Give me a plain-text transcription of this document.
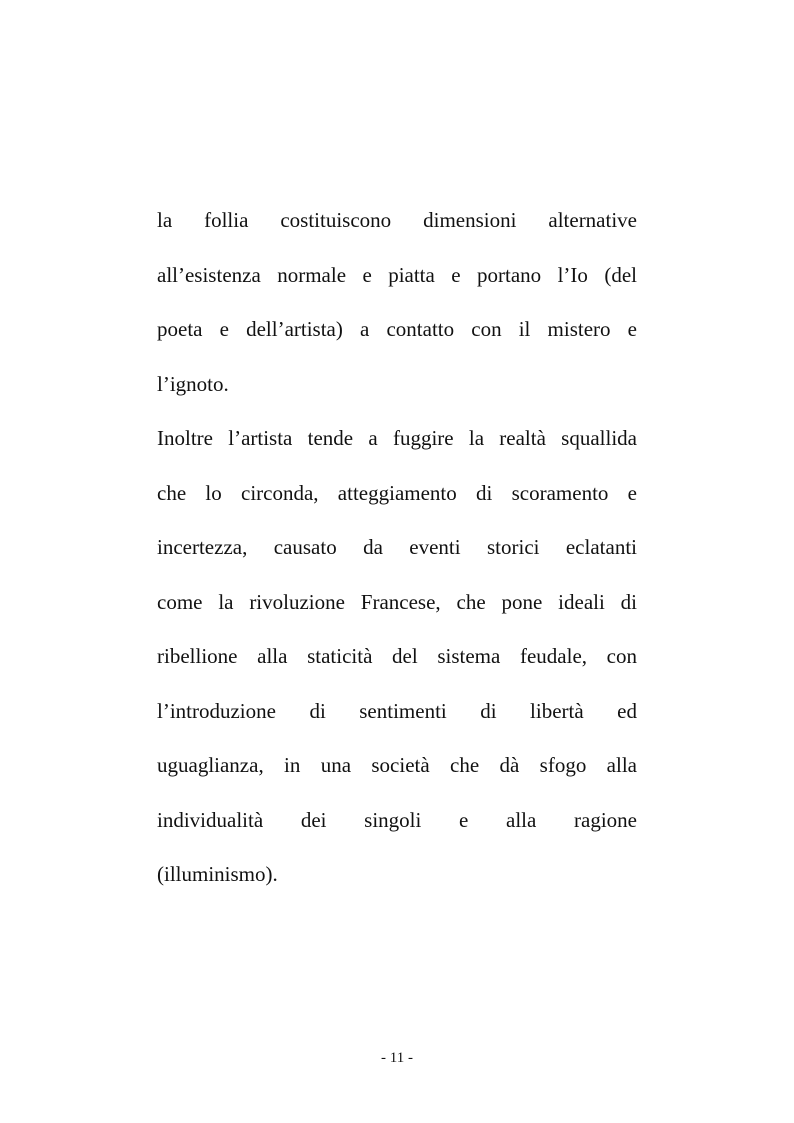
la follia costituiscono dimensioni alternative
all’esistenza normale e piatta e portano l’Io (del
poeta e dell’artista) a contatto con il mistero e
l’ignoto.
Inoltre l’artista tende a fuggire la realtà squallida
che lo circonda, atteggiamento di scoramento e
incertezza, causato da eventi storici eclatanti
come la rivoluzione Francese, che pone ideali di
ribellione alla staticità del sistema feudale, con
l’introduzione di sentimenti di libertà ed
uguaglianza, in una società che dà sfogo alla
individualità dei singoli e alla ragione
(illuminismo).
- 11 -
